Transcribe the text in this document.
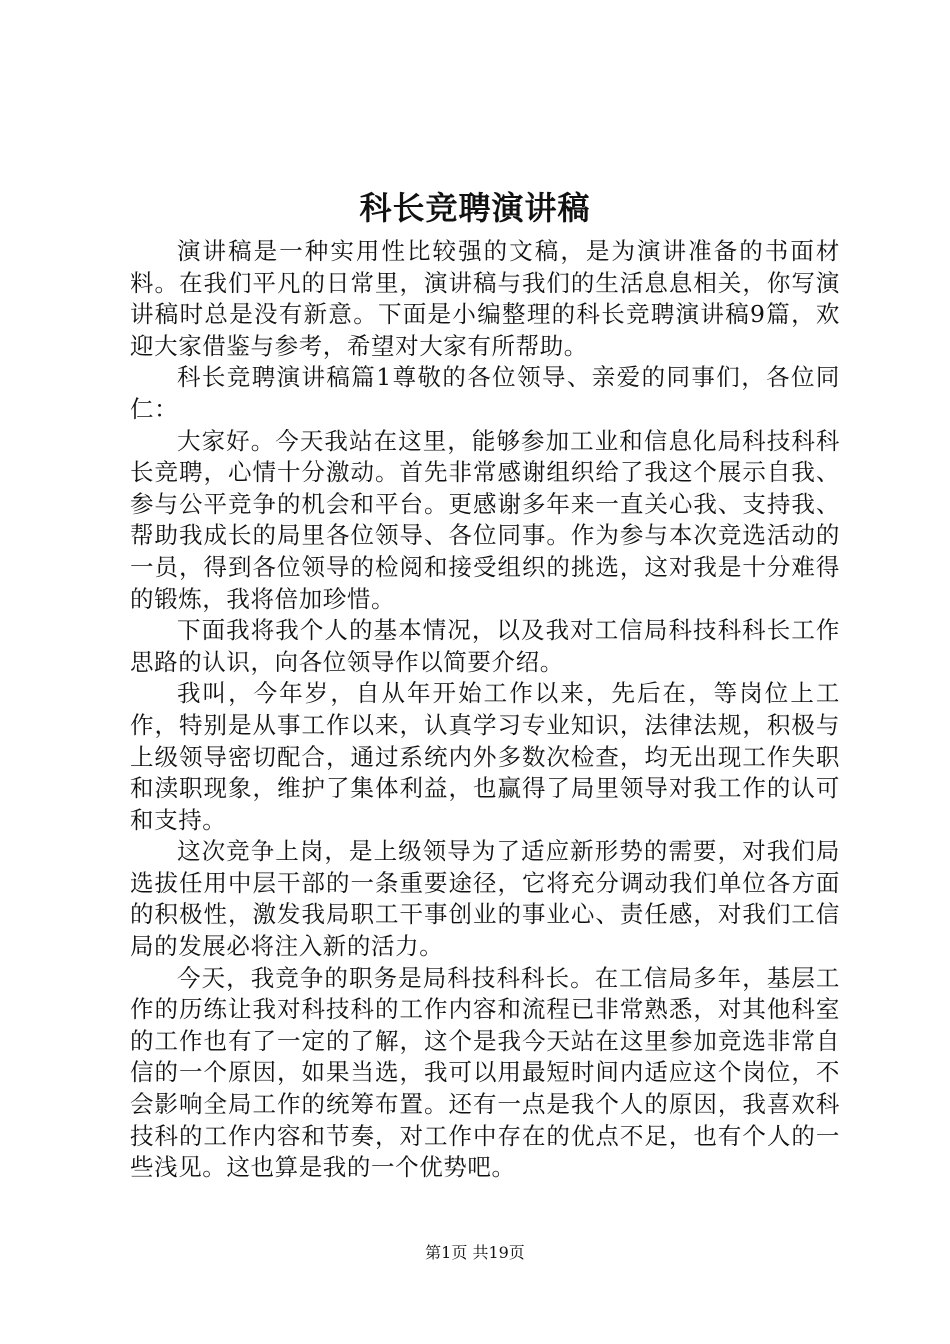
科长竞聘演讲稿

演讲稿是一种实用性比较强的文稿，是为演讲准备的书面材料。在我们平凡的日常里，演讲稿与我们的生活息息相关，你写演讲稿时总是没有新意。下面是小编整理的科长竞聘演讲稿9篇，欢迎大家借鉴与参考，希望对大家有所帮助。

科长竞聘演讲稿篇1尊敬的各位领导、亲爱的同事们，各位同仁：

大家好。今天我站在这里，能够参加工业和信息化局科技科科长竞聘，心情十分激动。首先非常感谢组织给了我这个展示自我、参与公平竞争的机会和平台。更感谢多年来一直关心我、支持我、帮助我成长的局里各位领导、各位同事。作为参与本次竞选活动的一员，得到各位领导的检阅和接受组织的挑选，这对我是十分难得的锻炼，我将倍加珍惜。

下面我将我个人的基本情况，以及我对工信局科技科科长工作思路的认识，向各位领导作以简要介绍。

我叫，今年岁，自从年开始工作以来，先后在，等岗位上工作，特别是从事工作以来，认真学习专业知识，法律法规，积极与上级领导密切配合，通过系统内外多数次检查，均无出现工作失职和渎职现象，维护了集体利益，也赢得了局里领导对我工作的认可和支持。

这次竞争上岗，是上级领导为了适应新形势的需要，对我们局选拔任用中层干部的一条重要途径，它将充分调动我们单位各方面的积极性，激发我局职工干事创业的事业心、责任感，对我们工信局的发展必将注入新的活力。

今天，我竞争的职务是局科技科科长。在工信局多年，基层工作的历练让我对科技科的工作内容和流程已非常熟悉，对其他科室的工作也有了一定的了解，这个是我今天站在这里参加竞选非常自信的一个原因，如果当选，我可以用最短时间内适应这个岗位，不会影响全局工作的统筹布置。还有一点是我个人的原因，我喜欢科技科的工作内容和节奏，对工作中存在的优点不足，也有个人的一些浅见。这也算是我的一个优势吧。

第1页 共19页
